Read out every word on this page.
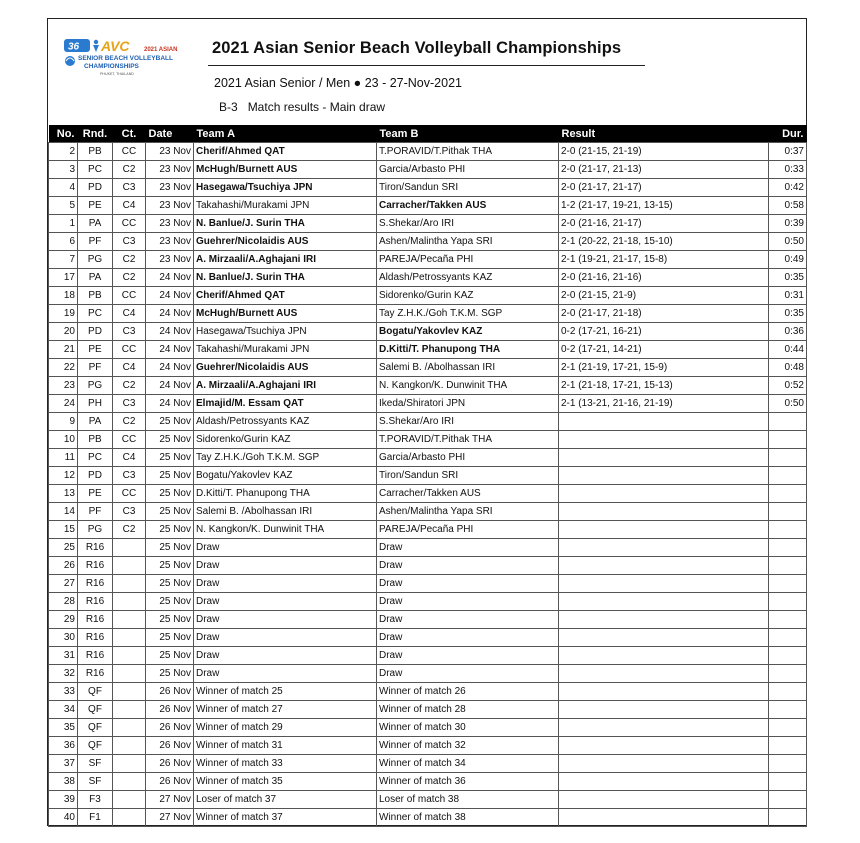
36 AVC 2021 ASIAN
SENIOR BEACH VOLLEYBALL
CHAMPIONSHIPS
PHUKET, THAILAND
2021 Asian Senior Beach Volleyball Championships
2021 Asian Senior / Men ● 23 - 27-Nov-2021
B-3 Match results - Main draw
No.	Rnd.	Ct.	Date	Team A	Team B	Result	Dur.
2	PB	CC	23 Nov	Cherif/Ahmed QAT	T.PORAVID/T.Pithak THA	2-0 (21-15, 21-19)	0:37
3	PC	C2	23 Nov	McHugh/Burnett AUS	Garcia/Arbasto PHI	2-0 (21-17, 21-13)	0:33
4	PD	C3	23 Nov	Hasegawa/Tsuchiya JPN	Tiron/Sandun SRI	2-0 (21-17, 21-17)	0:42
5	PE	C4	23 Nov	Takahashi/Murakami JPN	Carracher/Takken AUS	1-2 (21-17, 19-21, 13-15)	0:58
1	PA	CC	23 Nov	N. Banlue/J. Surin THA	S.Shekar/Aro IRI	2-0 (21-16, 21-17)	0:39
6	PF	C3	23 Nov	Guehrer/Nicolaidis AUS	Ashen/Malintha Yapa SRI	2-1 (20-22, 21-18, 15-10)	0:50
7	PG	C2	23 Nov	A. Mirzaali/A.Aghajani IRI	PAREJA/Pecaña PHI	2-1 (19-21, 21-17, 15-8)	0:49
17	PA	C2	24 Nov	N. Banlue/J. Surin THA	Aldash/Petrossyants KAZ	2-0 (21-16, 21-16)	0:35
18	PB	CC	24 Nov	Cherif/Ahmed QAT	Sidorenko/Gurin KAZ	2-0 (21-15, 21-9)	0:31
19	PC	C4	24 Nov	McHugh/Burnett AUS	Tay Z.H.K./Goh T.K.M. SGP	2-0 (21-17, 21-18)	0:35
20	PD	C3	24 Nov	Hasegawa/Tsuchiya JPN	Bogatu/Yakovlev KAZ	0-2 (17-21, 16-21)	0:36
21	PE	CC	24 Nov	Takahashi/Murakami JPN	D.Kitti/T. Phanupong THA	0-2 (17-21, 14-21)	0:44
22	PF	C4	24 Nov	Guehrer/Nicolaidis AUS	Salemi B. /Abolhassan IRI	2-1 (21-19, 17-21, 15-9)	0:48
23	PG	C2	24 Nov	A. Mirzaali/A.Aghajani IRI	N. Kangkon/K. Dunwinit THA	2-1 (21-18, 17-21, 15-13)	0:52
24	PH	C3	24 Nov	Elmajid/M. Essam QAT	Ikeda/Shiratori JPN	2-1 (13-21, 21-16, 21-19)	0:50
9	PA	C2	25 Nov	Aldash/Petrossyants KAZ	S.Shekar/Aro IRI		
10	PB	CC	25 Nov	Sidorenko/Gurin KAZ	T.PORAVID/T.Pithak THA		
11	PC	C4	25 Nov	Tay Z.H.K./Goh T.K.M. SGP	Garcia/Arbasto PHI		
12	PD	C3	25 Nov	Bogatu/Yakovlev KAZ	Tiron/Sandun SRI		
13	PE	CC	25 Nov	D.Kitti/T. Phanupong THA	Carracher/Takken AUS		
14	PF	C3	25 Nov	Salemi B. /Abolhassan IRI	Ashen/Malintha Yapa SRI		
15	PG	C2	25 Nov	N. Kangkon/K. Dunwinit THA	PAREJA/Pecaña PHI		
25	R16		25 Nov	Draw	Draw		
26	R16		25 Nov	Draw	Draw		
27	R16		25 Nov	Draw	Draw		
28	R16		25 Nov	Draw	Draw		
29	R16		25 Nov	Draw	Draw		
30	R16		25 Nov	Draw	Draw		
31	R16		25 Nov	Draw	Draw		
32	R16		25 Nov	Draw	Draw		
33	QF		26 Nov	Winner of match 25	Winner of match 26		
34	QF		26 Nov	Winner of match 27	Winner of match 28		
35	QF		26 Nov	Winner of match 29	Winner of match 30		
36	QF		26 Nov	Winner of match 31	Winner of match 32		
37	SF		26 Nov	Winner of match 33	Winner of match 34		
38	SF		26 Nov	Winner of match 35	Winner of match 36		
39	F3		27 Nov	Loser of match 37	Loser of match 38		
40	F1		27 Nov	Winner of match 37	Winner of match 38		
